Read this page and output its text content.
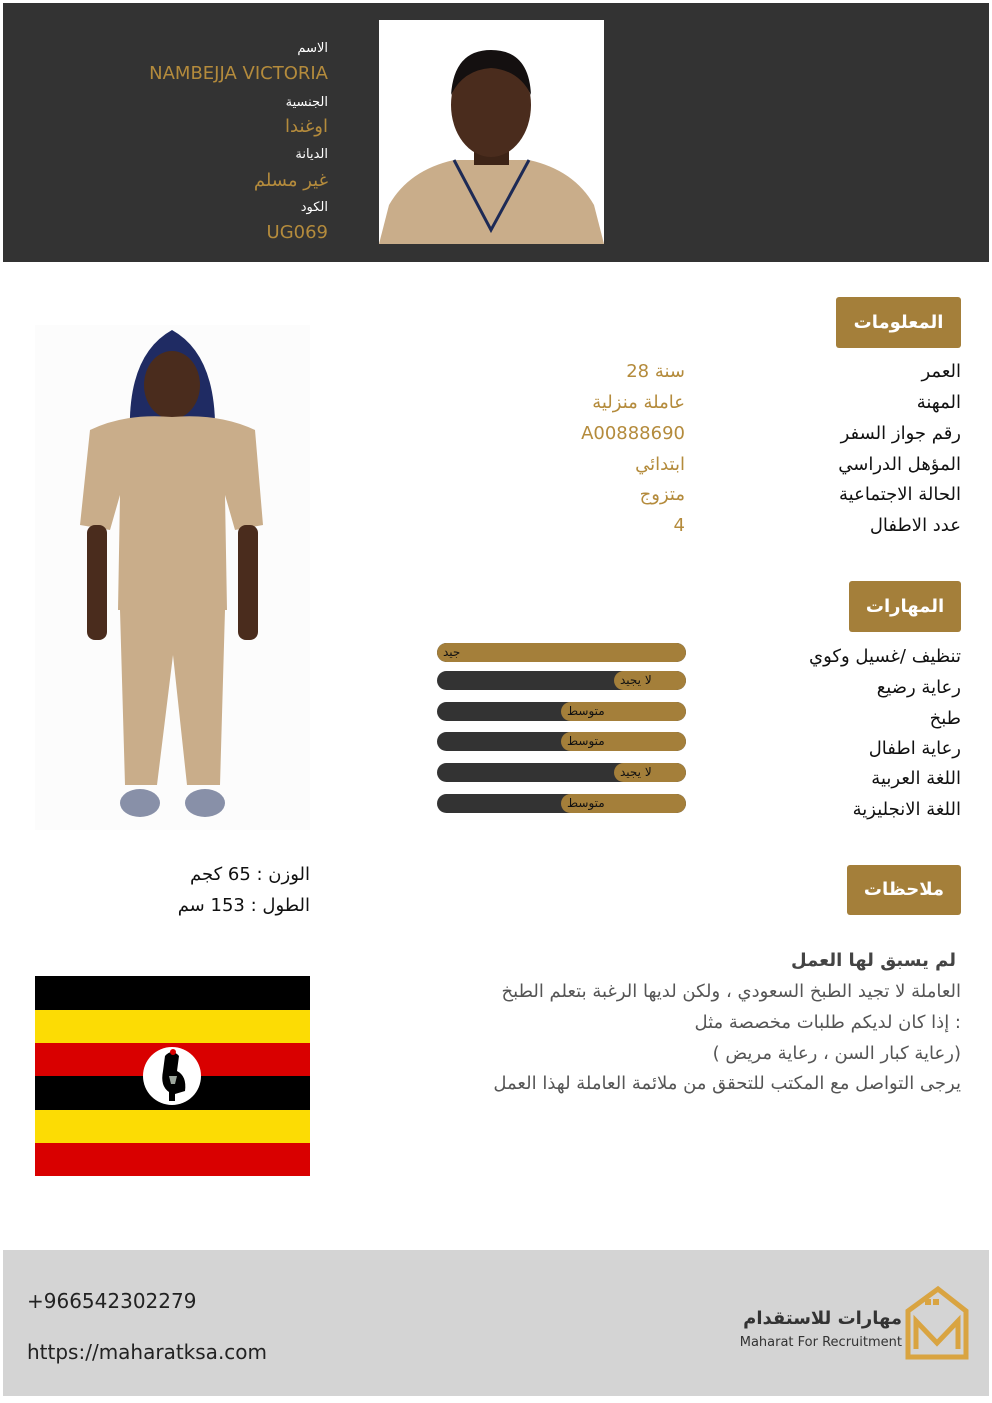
الاسم
NAMBEJJA VICTORIA
الجنسية
اوغندا
الديانة
غير مسلم
الكود
UG069
المعلومات
العمر
28 سنة
المهنة
عاملة منزلية
رقم جواز السفر
A00888690
المؤهل الدراسي
ابتدائي
الحالة الاجتماعية
متزوج
عدد الاطفال
4
المهارات
تنظيف /غسيل وكوي
رعاية رضيع
طبخ
رعاية اطفال
اللغة العربية
اللغة الانجليزية
جيد
لا يجيد
متوسط
متوسط
لا يجيد
متوسط
ملاحظات
لم يسبق لها العمل
العاملة لا تجيد الطبخ السعودي ، ولكن لديها الرغبة بتعلم الطبخ
إذا كان لديكم طلبات مخصصة مثل :
( رعاية كبار السن ، رعاية مريض)
يرجى التواصل مع المكتب للتحقق من ملائمة العاملة لهذا العمل
الوزن : 65 كجم
الطول : 153 سم
+966542302279
https://maharatksa.com
مهارات للاستقدام
Maharat For Recruitment
